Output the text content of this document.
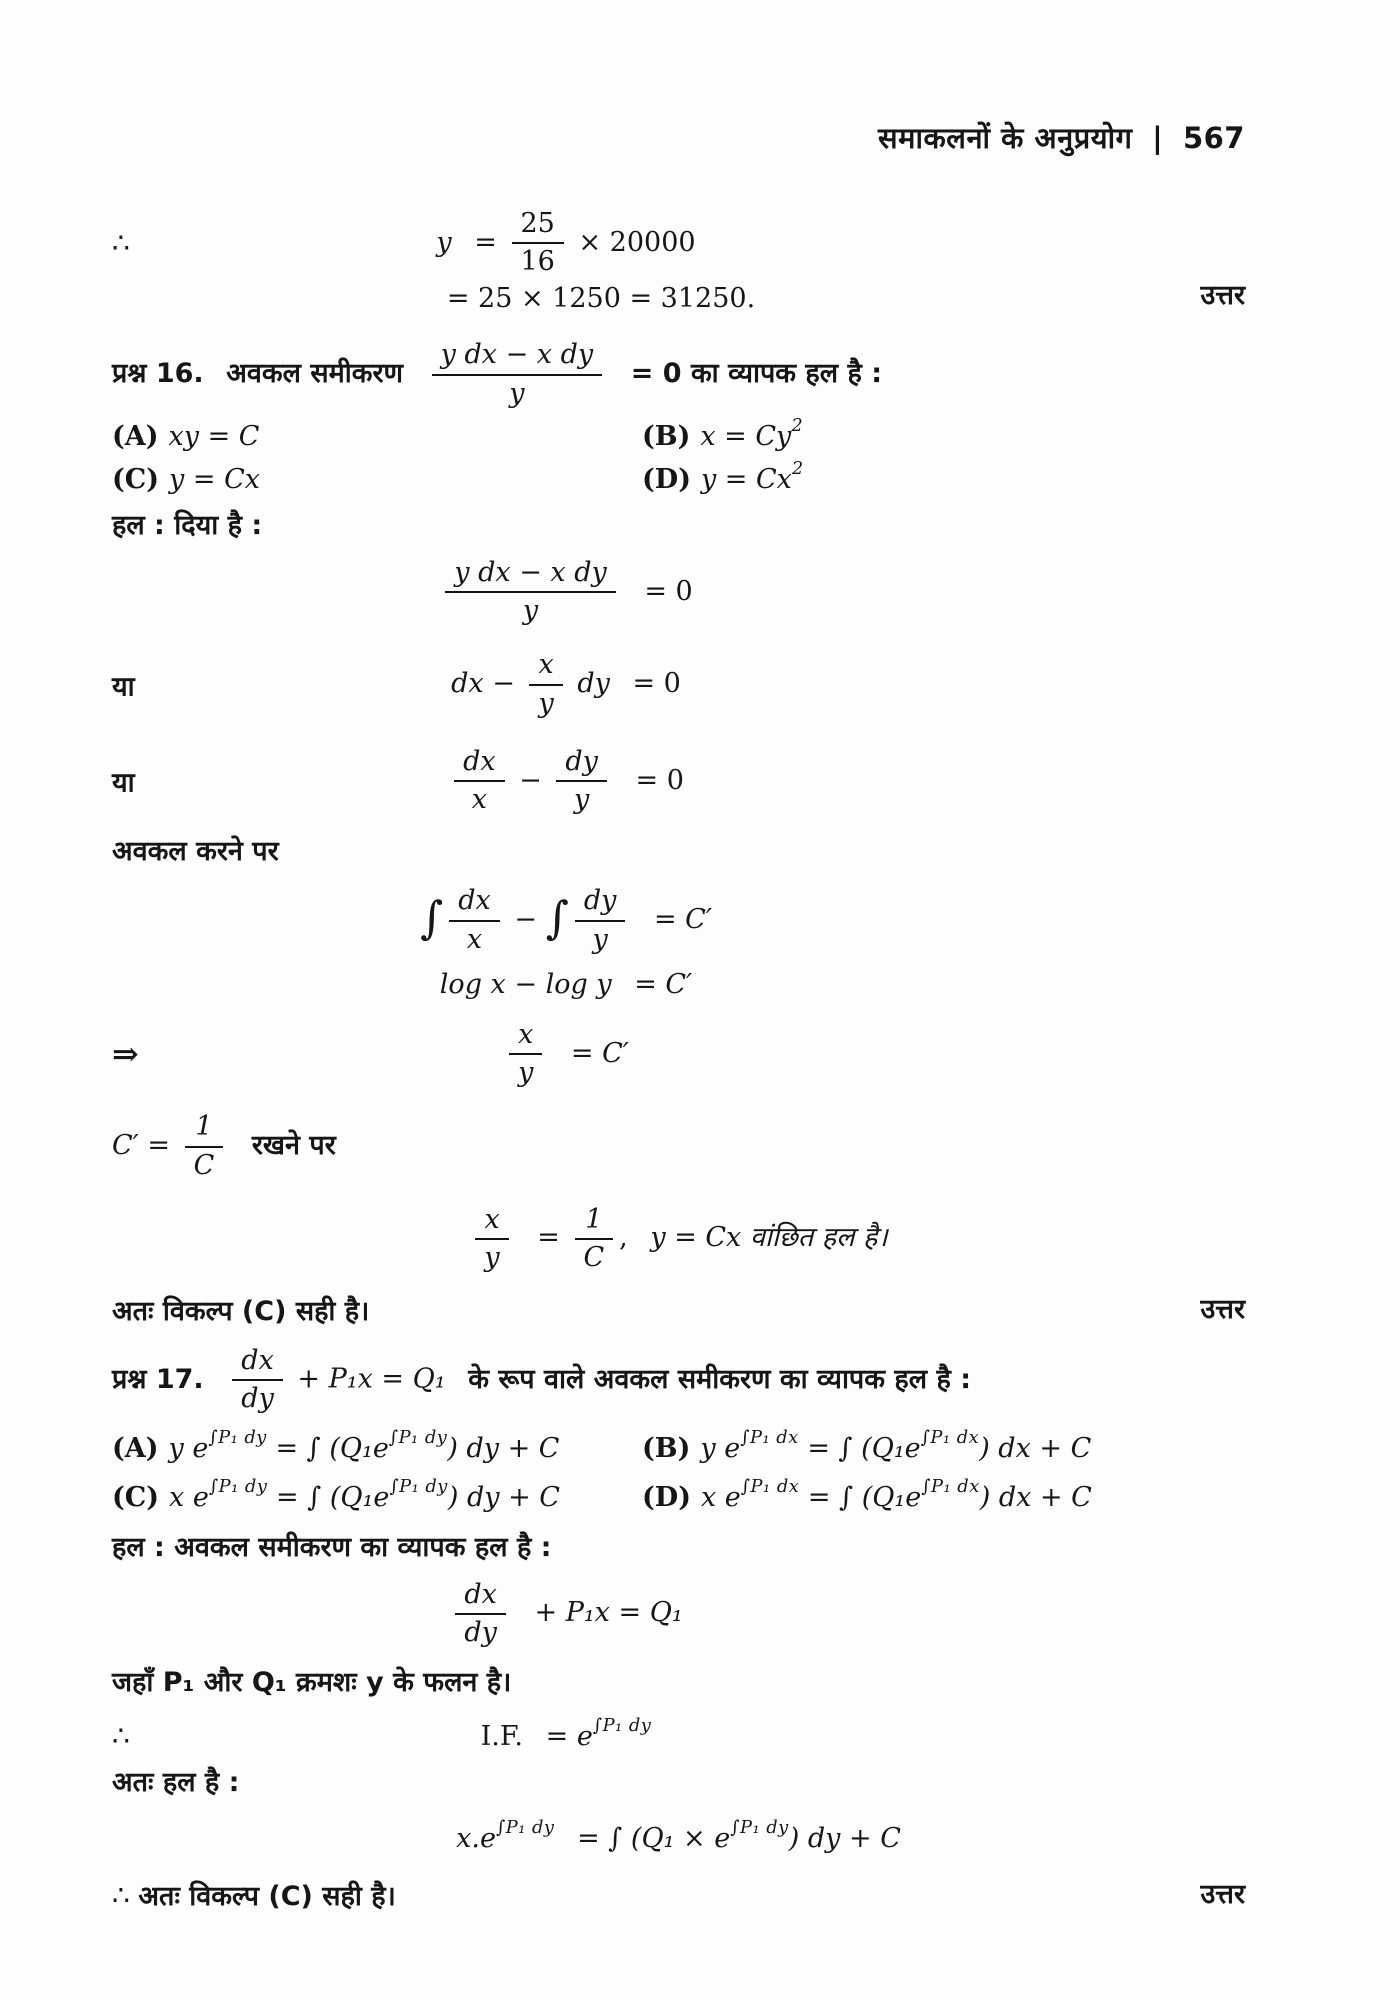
समाकलनों के अनुप्रयोग | 567
∴	$y = \frac{25}{16} \times 20000$
= 25 × 1250 = 31250.	उत्तर
प्रश्न 16. अवकल समीकरण $\frac{\text{y dx − x dy}}{y} = 0$ का व्यापक हल है :
(A) xy = C	(B) $x = Cy^2$
(C) y = Cx	(D) $y = Cx^2$
हल : दिया है :
$\frac{\text{y dx − x dy}}{y} = 0$
या	dx − $\frac{x}{y}$ dy = 0
या	$\frac{dx}{x} - \frac{dy}{y} = 0$
अवकल करने पर
∫ $\frac{dx}{x}$ − ∫ $\frac{dy}{y} = C'$
log x − log y = C′
⇒	$\frac{x}{y} = C'$
$C' = \frac{1}{C}$ रखने पर
$\frac{x}{y} = \frac{1}{C}$ , y = Cx वांछित हल है।
अतः विकल्प (C) सही है।	उत्तर
प्रश्न 17. $\frac{dx}{dy} + P_1x = Q_1$ के रूप वाले अवकल समीकरण का व्यापक हल है :
(A) y $e^{\int P_1 dy}$ = ∫ $(Q_1e^{\int P_1 dy})$ dy + C	(B) y $e^{\int P_1 dx}$ = ∫ $(Q_1e^{\int P_1 dx})$ dx + C
(C) x $e^{\int P_1 dy}$ = ∫ $(Q_1e^{\int P_1 dy})$ dy + C	(D) x $e^{\int P_1 dx}$ = ∫ $(Q_1e^{\int P_1 dx})$ dx + C
हल : अवकल समीकरण का व्यापक हल है :
$\frac{dx}{dy} + P_1x = Q_1$
जहाँ P₁ और Q₁ क्रमशः y के फलन है।
∴	I.F. = $e^{\int P_1 dy}$
अतः हल है :
$x.e^{\int P_1 dy}$ = ∫ $(Q_1 \times e^{\int P_1 dy})$ dy + C
∴ अतः विकल्प (C) सही है।	उत्तर
